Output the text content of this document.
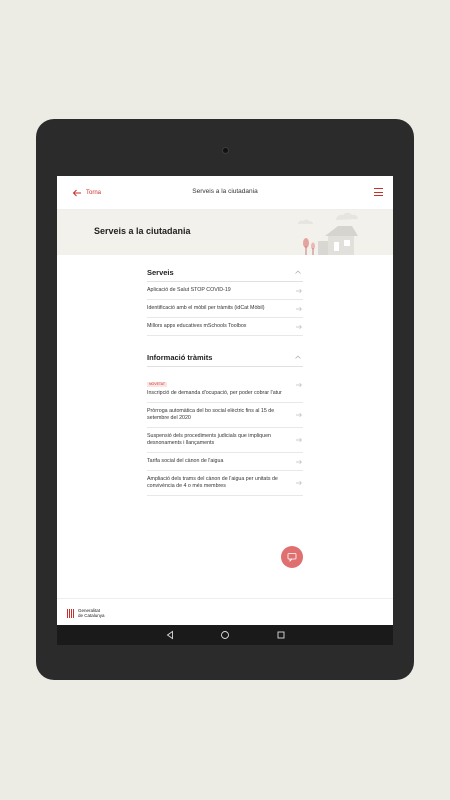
Torna	Serveis a la ciutadania
Serveis a la ciutadania
Serveis
Aplicació de Salut STOP COVID-19
Identificació amb el mòbil per tràmits (idCat Mòbil)
Millors apps educatives mSchools Toolbox
Informació tràmits
NOVETAT
Inscripció de demanda d'ocupació, per poder cobrar l'atur
Pròrroga automàtica del bo social elèctric fins al 15 de setembre del 2020
Suspensió dels procediments judicials que impliquen desnonaments i llançaments
Tarifa social del cànon de l'aigua
Ampliació dels trams del cànon de l'aigua per unitats de convivència de 4 o més membres
Generalitat
de Catalunya
